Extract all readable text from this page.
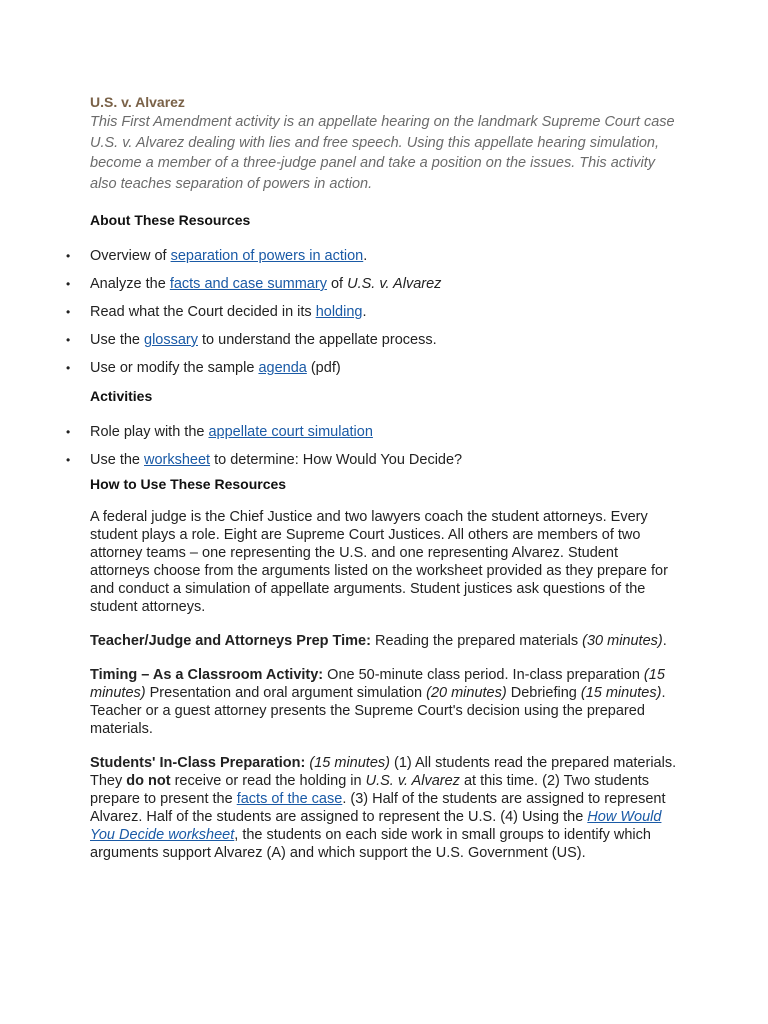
U.S. v. Alvarez

This First Amendment activity is an appellate hearing on the landmark Supreme Court case U.S. v. Alvarez dealing with lies and free speech. Using this appellate hearing simulation, become a member of a three-judge panel and take a position on the issues. This activity also teaches separation of powers in action.

About These Resources

• Overview of separation of powers in action.
• Analyze the facts and case summary of U.S. v. Alvarez
• Read what the Court decided in its holding.
• Use the glossary to understand the appellate process.
• Use or modify the sample agenda (pdf)

Activities

• Role play with the appellate court simulation
• Use the worksheet to determine: How Would You Decide?

How to Use These Resources

A federal judge is the Chief Justice and two lawyers coach the student attorneys. Every student plays a role. Eight are Supreme Court Justices. All others are members of two attorney teams – one representing the U.S. and one representing Alvarez. Student attorneys choose from the arguments listed on the worksheet provided as they prepare for and conduct a simulation of appellate arguments. Student justices ask questions of the student attorneys.

Teacher/Judge and Attorneys Prep Time: Reading the prepared materials (30 minutes).

Timing – As a Classroom Activity: One 50-minute class period. In-class preparation (15 minutes) Presentation and oral argument simulation (20 minutes) Debriefing (15 minutes). Teacher or a guest attorney presents the Supreme Court's decision using the prepared materials.

Students' In-Class Preparation: (15 minutes) (1) All students read the prepared materials. They do not receive or read the holding in U.S. v. Alvarez at this time. (2) Two students prepare to present the facts of the case. (3) Half of the students are assigned to represent Alvarez. Half of the students are assigned to represent the U.S. (4) Using the How Would You Decide worksheet, the students on each side work in small groups to identify which arguments support Alvarez (A) and which support the U.S. Government (US).
